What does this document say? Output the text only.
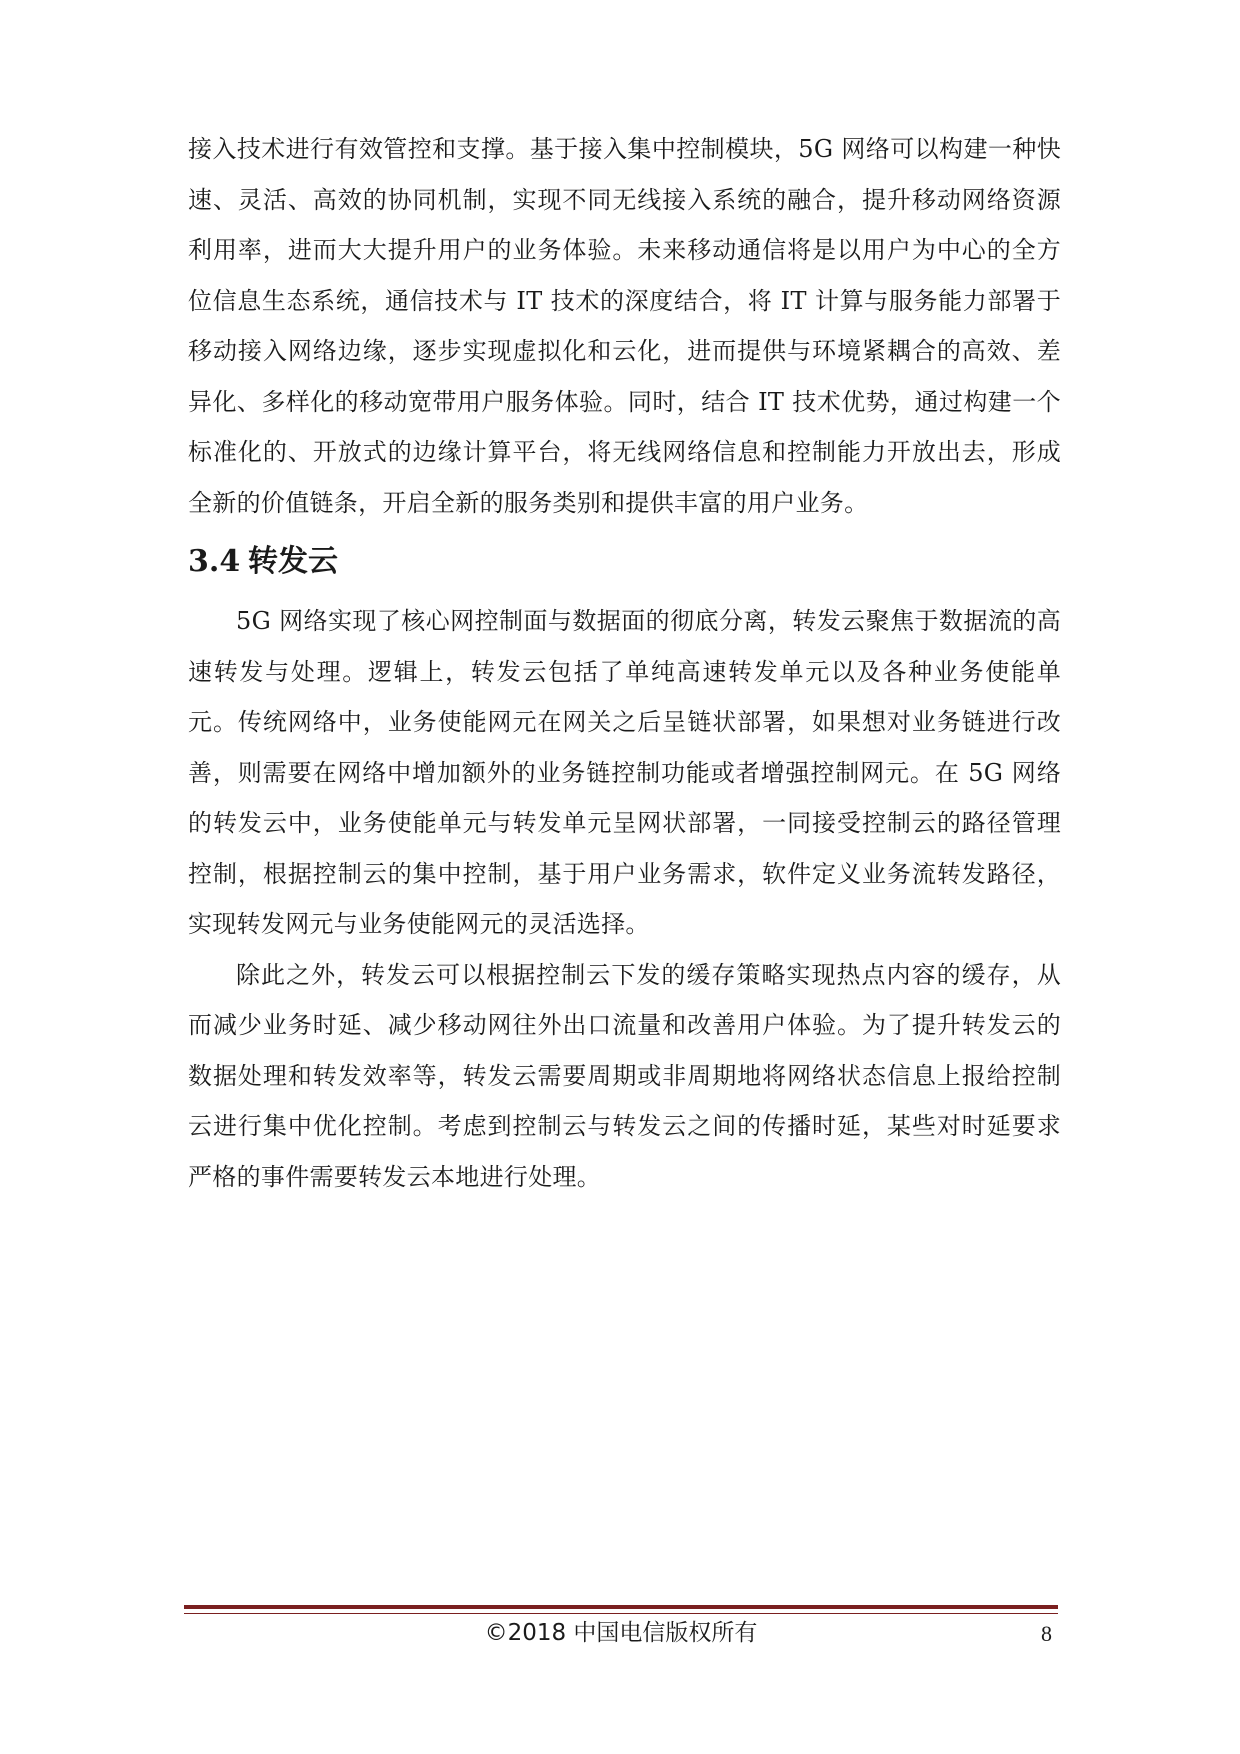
接入技术进行有效管控和支撑。基于接入集中控制模块，5G 网络可以构建一种快速、灵活、高效的协同机制，实现不同无线接入系统的融合，提升移动网络资源利用率，进而大大提升用户的业务体验。未来移动通信将是以用户为中心的全方位信息生态系统，通信技术与 IT 技术的深度结合，将 IT 计算与服务能力部署于移动接入网络边缘，逐步实现虚拟化和云化，进而提供与环境紧耦合的高效、差异化、多样化的移动宽带用户服务体验。同时，结合 IT 技术优势，通过构建一个标准化的、开放式的边缘计算平台，将无线网络信息和控制能力开放出去，形成全新的价值链条，开启全新的服务类别和提供丰富的用户业务。

3.4 转发云

5G 网络实现了核心网控制面与数据面的彻底分离，转发云聚焦于数据流的高速转发与处理。逻辑上，转发云包括了单纯高速转发单元以及各种业务使能单元。传统网络中，业务使能网元在网关之后呈链状部署，如果想对业务链进行改善，则需要在网络中增加额外的业务链控制功能或者增强控制网元。在 5G 网络的转发云中，业务使能单元与转发单元呈网状部署，一同接受控制云的路径管理控制，根据控制云的集中控制，基于用户业务需求，软件定义业务流转发路径，实现转发网元与业务使能网元的灵活选择。

除此之外，转发云可以根据控制云下发的缓存策略实现热点内容的缓存，从而减少业务时延、减少移动网往外出口流量和改善用户体验。为了提升转发云的数据处理和转发效率等，转发云需要周期或非周期地将网络状态信息上报给控制云进行集中优化控制。考虑到控制云与转发云之间的传播时延，某些对时延要求严格的事件需要转发云本地进行处理。

©2018 中国电信版权所有	8
